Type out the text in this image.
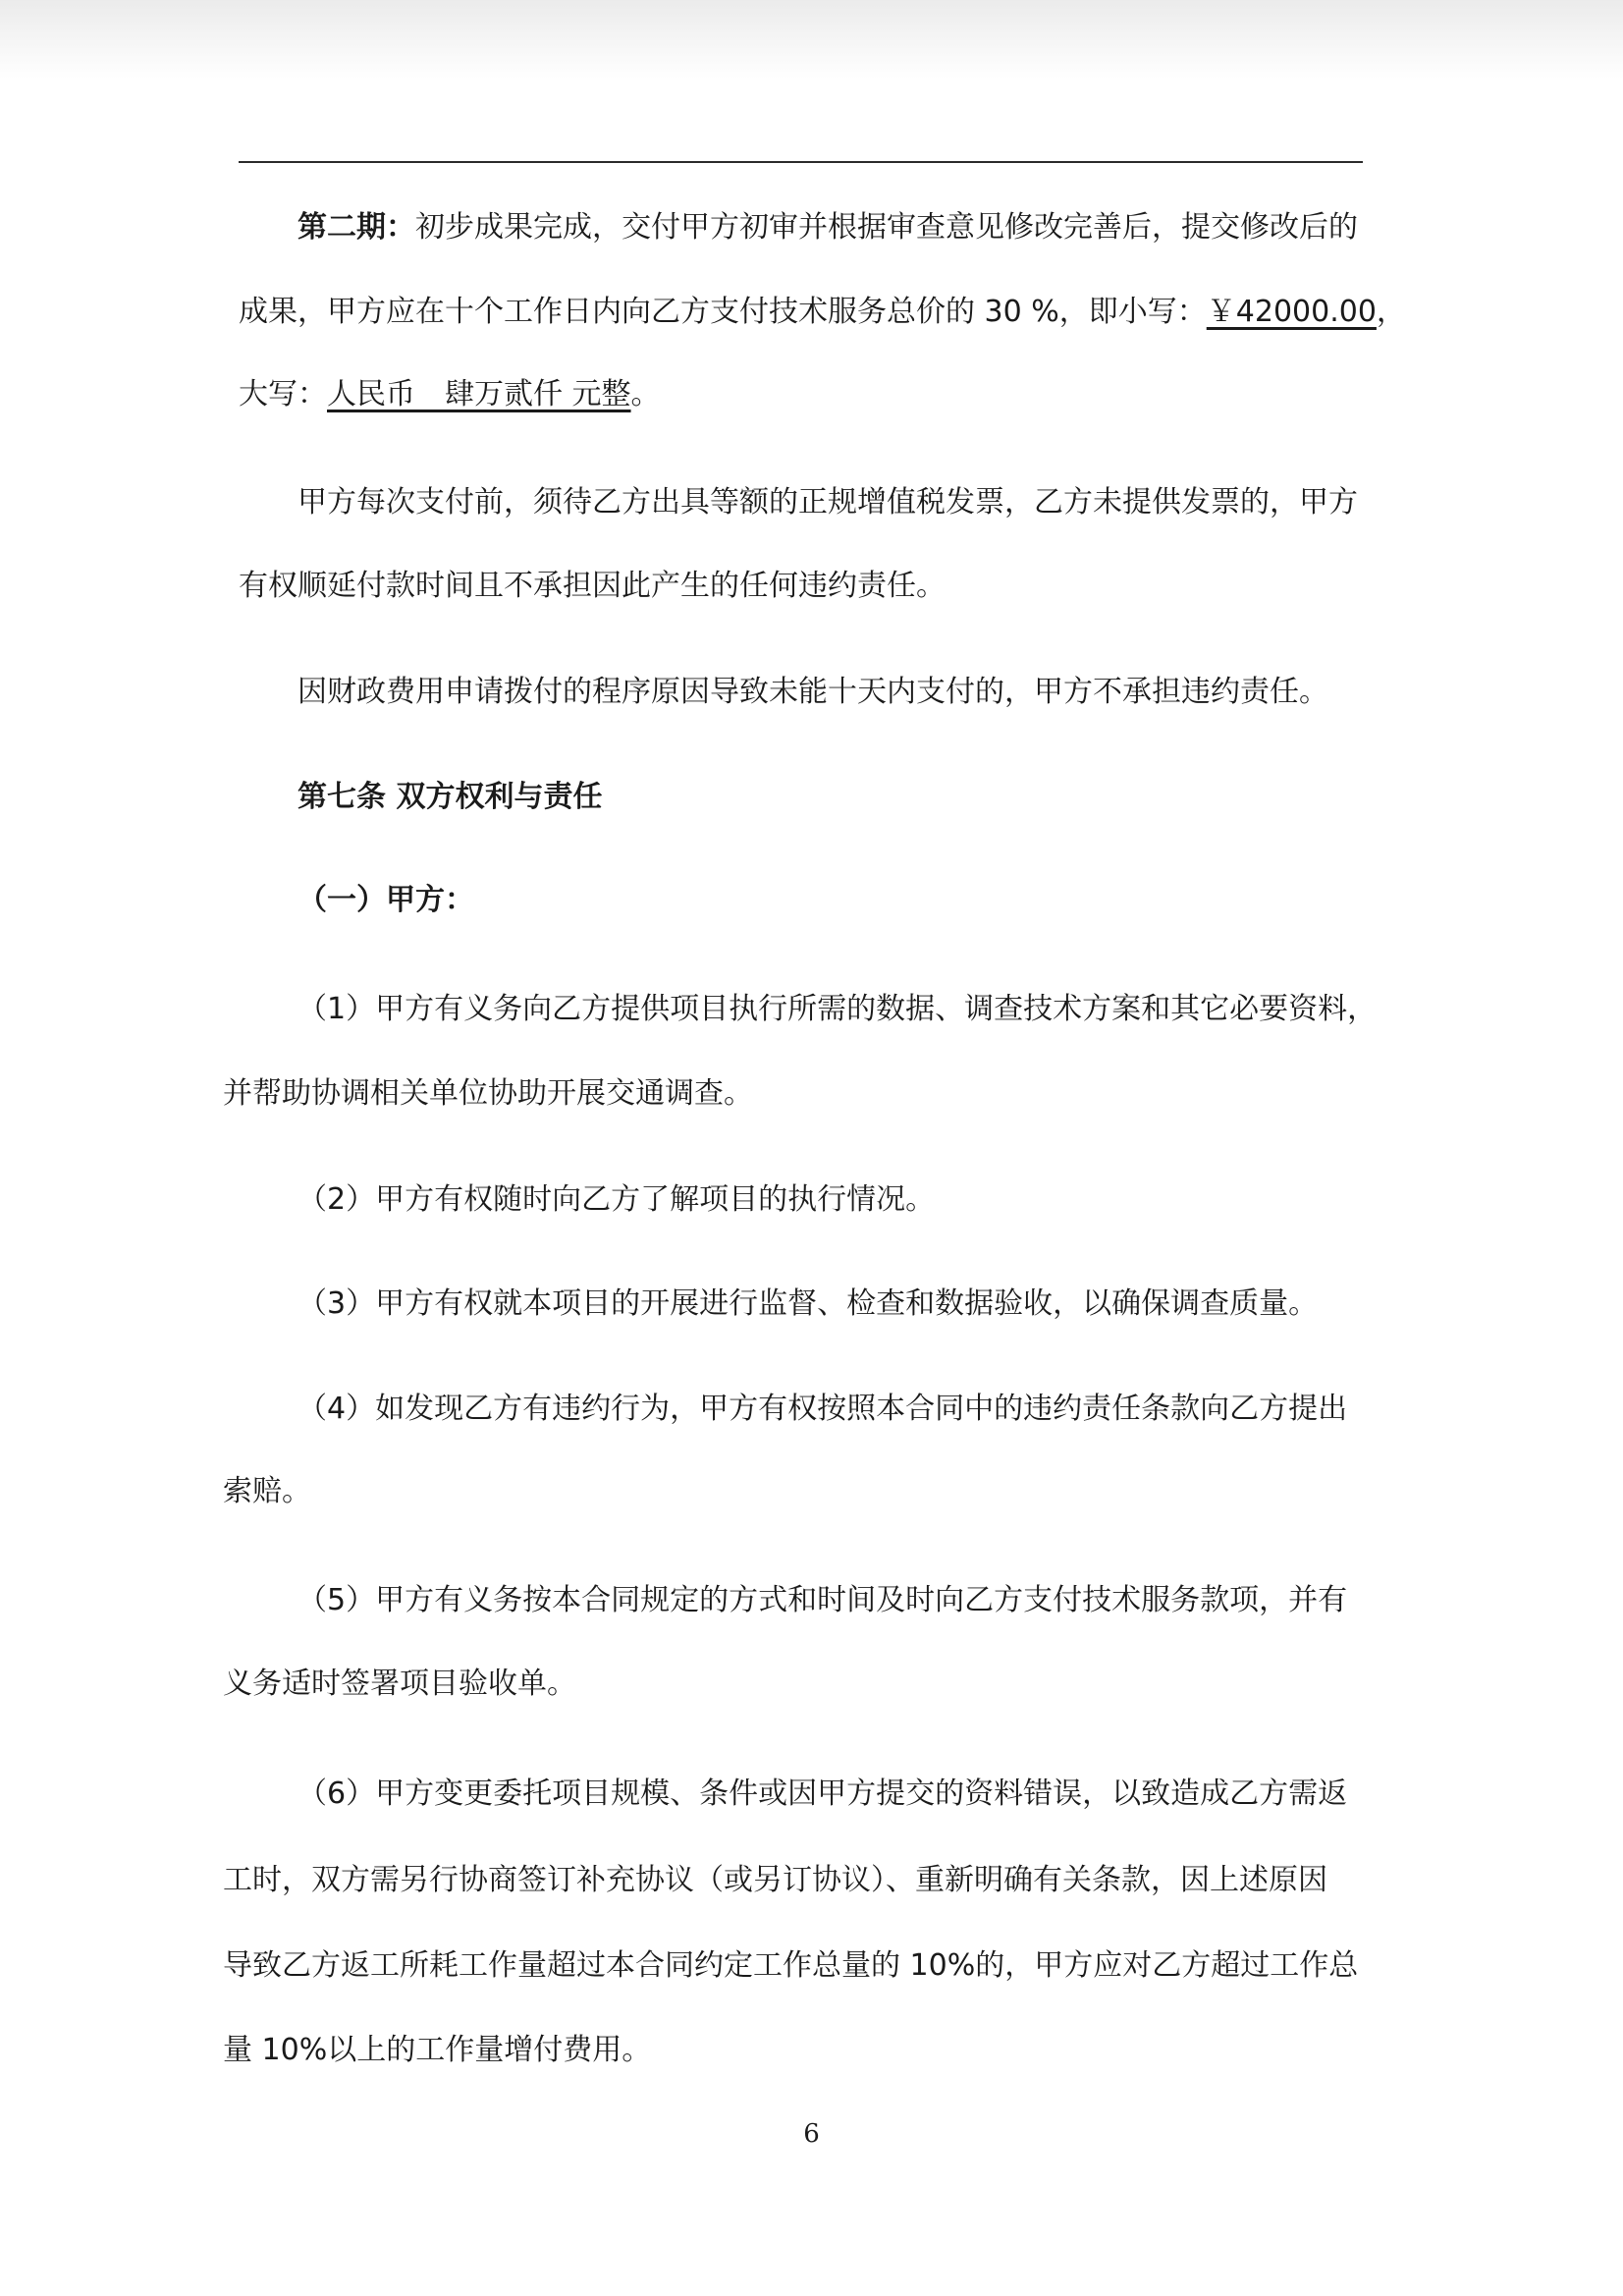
第二期：初步成果完成，交付甲方初审并根据审查意见修改完善后，提交修改后的

成果，甲方应在十个工作日内向乙方支付技术服务总价的 30 %，即小写：￥42000.00，

大写：人民币　肆万贰仟 元整。

甲方每次支付前，须待乙方出具等额的正规增值税发票，乙方未提供发票的，甲方

有权顺延付款时间且不承担因此产生的任何违约责任。

因财政费用申请拨付的程序原因导致未能十天内支付的，甲方不承担违约责任。

第七条 双方权利与责任

（一）甲方：

（1）甲方有义务向乙方提供项目执行所需的数据、调查技术方案和其它必要资料，

并帮助协调相关单位协助开展交通调查。

（2）甲方有权随时向乙方了解项目的执行情况。

（3）甲方有权就本项目的开展进行监督、检查和数据验收，以确保调查质量。

（4）如发现乙方有违约行为，甲方有权按照本合同中的违约责任条款向乙方提出

索赔。

（5）甲方有义务按本合同规定的方式和时间及时向乙方支付技术服务款项，并有

义务适时签署项目验收单。

（6）甲方变更委托项目规模、条件或因甲方提交的资料错误，以致造成乙方需返

工时，双方需另行协商签订补充协议（或另订协议）、重新明确有关条款，因上述原因

导致乙方返工所耗工作量超过本合同约定工作总量的 10%的，甲方应对乙方超过工作总

量 10%以上的工作量增付费用。

6
